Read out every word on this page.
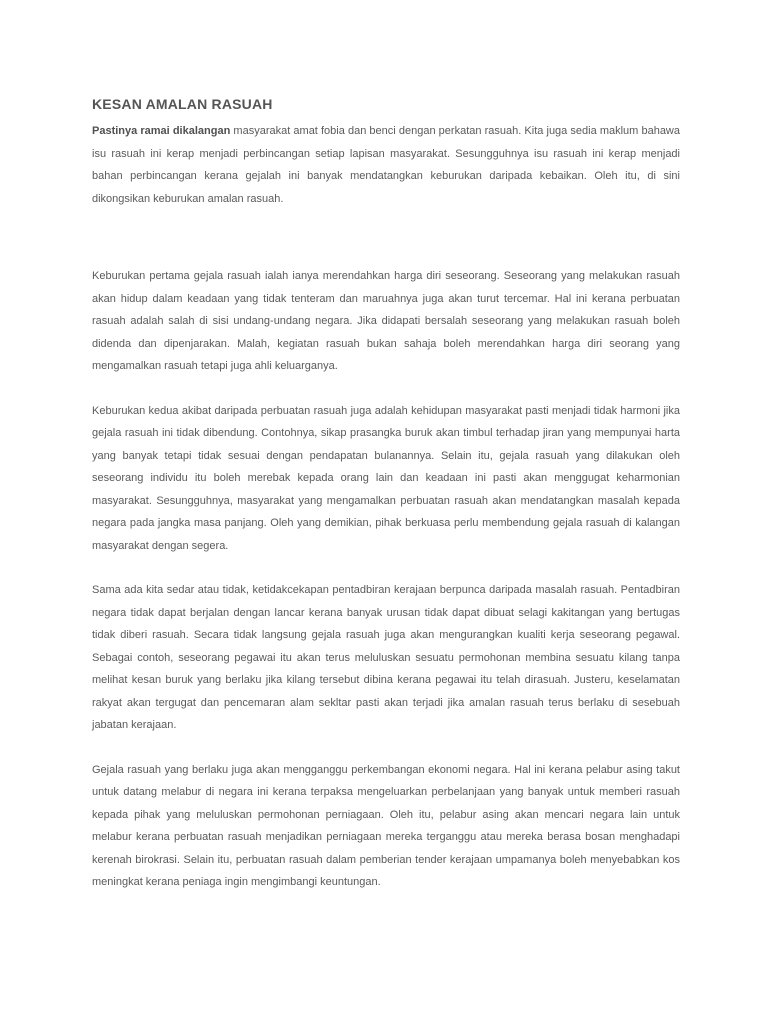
KESAN AMALAN RASUAH

Pastinya ramai dikalangan masyarakat amat fobia dan benci dengan perkatan rasuah. Kita juga sedia maklum bahawa isu rasuah ini kerap menjadi perbincangan setiap lapisan masyarakat. Sesungguhnya isu rasuah ini kerap menjadi bahan perbincangan kerana gejalah ini banyak mendatangkan keburukan daripada kebaikan. Oleh itu, di sini dikongsikan keburukan amalan rasuah.

Keburukan pertama gejala rasuah ialah ianya merendahkan harga diri seseorang. Seseorang yang melakukan rasuah akan hidup dalam keadaan yang tidak tenteram dan maruahnya juga akan turut tercemar. Hal ini kerana perbuatan rasuah adalah salah di sisi undang-undang negara. Jika didapati bersalah seseorang yang melakukan rasuah boleh didenda dan dipenjarakan. Malah, kegiatan rasuah bukan sahaja boleh merendahkan harga diri seorang yang mengamalkan rasuah tetapi juga ahli keluarganya.

Keburukan kedua akibat daripada perbuatan rasuah juga adalah kehidupan masyarakat pasti menjadi tidak harmoni jika gejala rasuah ini tidak dibendung. Contohnya, sikap prasangka buruk akan timbul terhadap jiran yang mempunyai harta yang banyak tetapi tidak sesuai dengan pendapatan bulanannya. Selain itu, gejala rasuah yang dilakukan oleh seseorang individu itu boleh merebak kepada orang lain dan keadaan ini pasti akan menggugat keharmonian masyarakat. Sesungguhnya, masyarakat yang mengamalkan perbuatan rasuah akan mendatangkan masalah kepada negara pada jangka masa panjang. Oleh yang demikian, pihak berkuasa perlu membendung gejala rasuah di kalangan masyarakat dengan segera.

Sama ada kita sedar atau tidak, ketidakcekapan pentadbiran kerajaan berpunca daripada masalah rasuah. Pentadbiran negara tidak dapat berjalan dengan lancar kerana banyak urusan tidak dapat dibuat selagi kakitangan yang bertugas tidak diberi rasuah. Secara tidak langsung gejala rasuah juga akan mengurangkan kualiti kerja seseorang pegawal. Sebagai contoh, seseorang pegawai itu akan terus meluluskan sesuatu permohonan membina sesuatu kilang tanpa melihat kesan buruk yang berlaku jika kilang tersebut dibina kerana pegawai itu telah dirasuah. Justeru, keselamatan rakyat akan tergugat dan pencemaran alam sekltar pasti akan terjadi jika amalan rasuah terus berlaku di sesebuah jabatan kerajaan.

Gejala rasuah yang berlaku juga akan mengganggu perkembangan ekonomi negara. Hal ini kerana pelabur asing takut untuk datang melabur di negara ini kerana terpaksa mengeluarkan perbelanjaan yang banyak untuk memberi rasuah kepada pihak yang meluluskan permohonan perniagaan. Oleh itu, pelabur asing akan mencari negara lain untuk melabur kerana perbuatan rasuah menjadikan perniagaan mereka terganggu atau mereka berasa bosan menghadapi kerenah birokrasi. Selain itu, perbuatan rasuah dalam pemberian tender kerajaan umpamanya boleh menyebabkan kos meningkat kerana peniaga ingin mengimbangi keuntungan.
